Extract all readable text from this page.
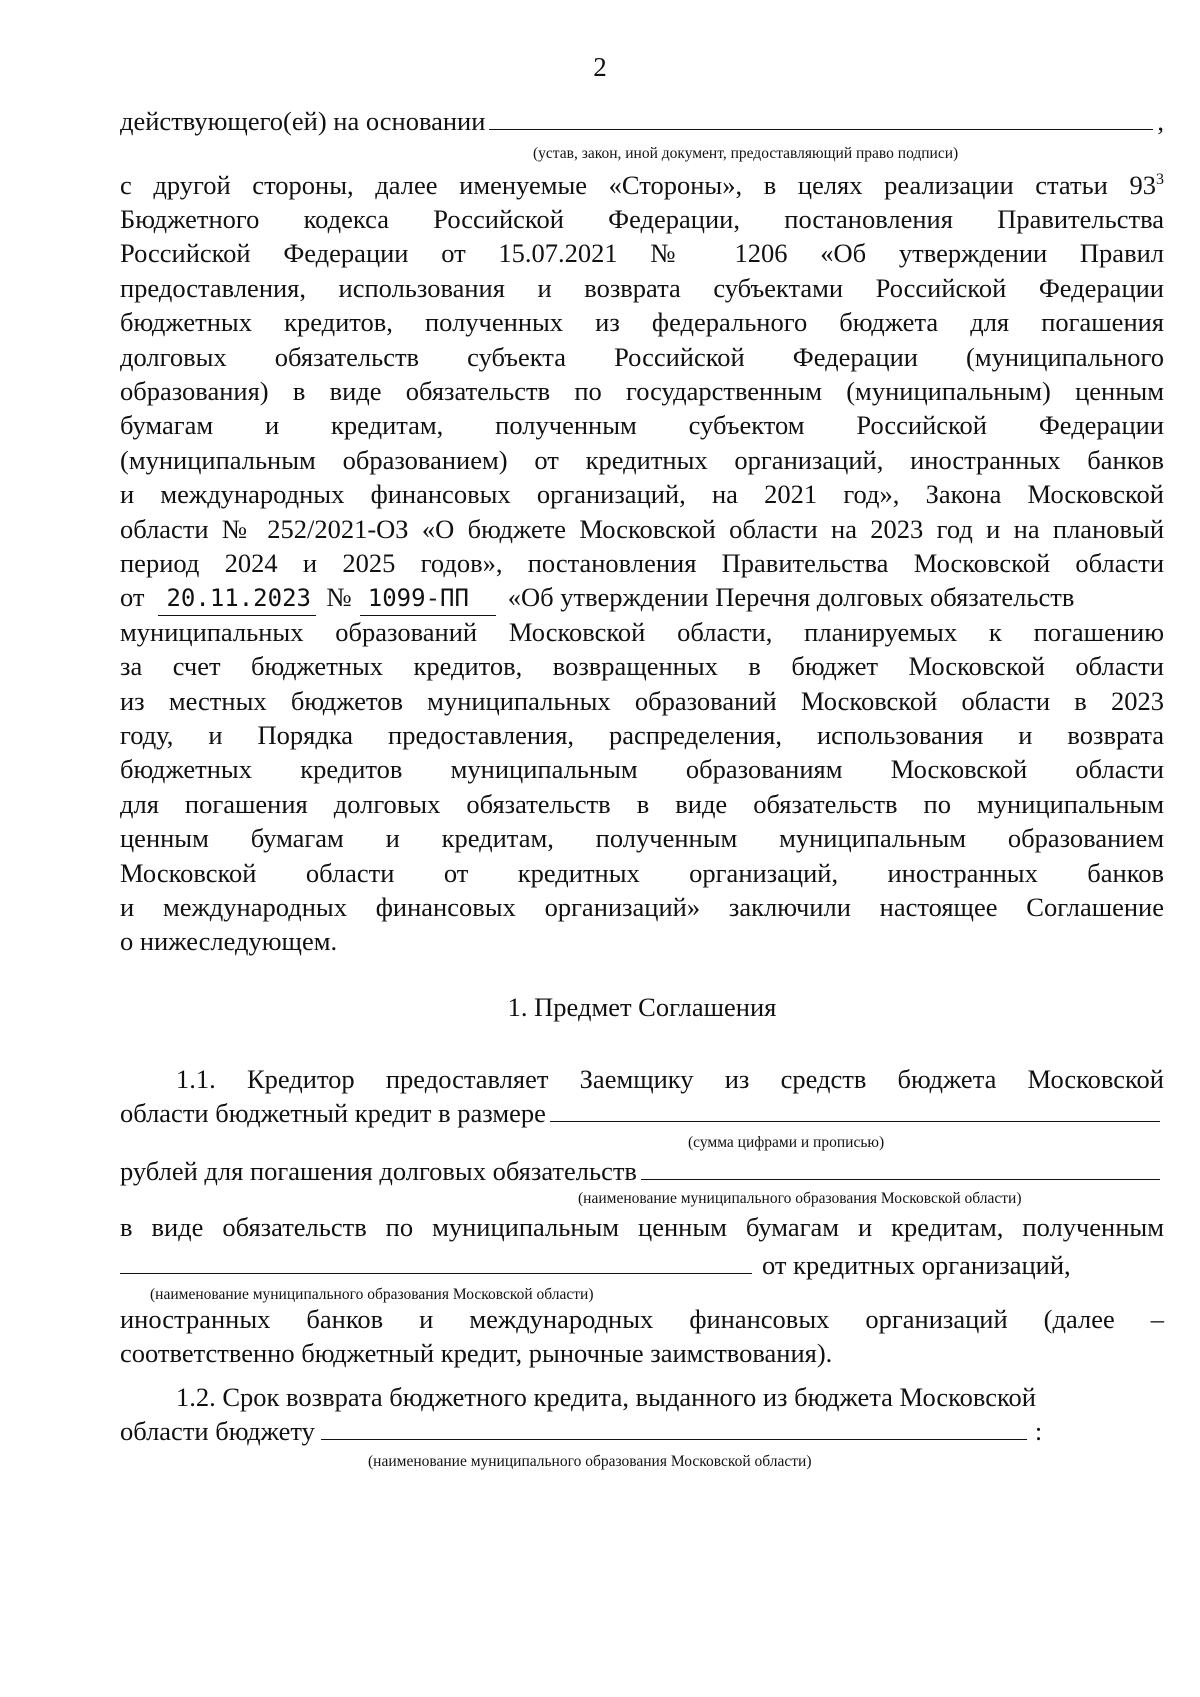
2
действующего(ей) на основании	,
(устав, закон, иной документ, предоставляющий право подписи)
с другой стороны, далее именуемые «Стороны», в целях реализации статьи $93^3$
Бюджетного кодекса Российской Федерации, постановления Правительства
Российской Федерации от 15.07.2021 № 1206 «Об утверждении Правил
предоставления, использования и возврата субъектами Российской Федерации
бюджетных кредитов, полученных из федерального бюджета для погашения
долговых обязательств субъекта Российской Федерации (муниципального
образования) в виде обязательств по государственным (муниципальным) ценным
бумагам и кредитам, полученным субъектом Российской Федерации
(муниципальным образованием) от кредитных организаций, иностранных банков
и международных финансовых организаций, на 2021 год», Закона Московской
области № 252/2021-ОЗ «О бюджете Московской области на 2023 год и на плановый
период 2024 и 2025 годов», постановления Правительства Московской области
от 20.11.2023 № 1099-ПП	«Об утверждении Перечня долговых обязательств
муниципальных образований Московской области, планируемых к погашению
за счет бюджетных кредитов, возвращенных в бюджет Московской области
из местных бюджетов муниципальных образований Московской области в 2023
году, и Порядка предоставления, распределения, использования и возврата
бюджетных кредитов муниципальным образованиям Московской области
для погашения долговых обязательств в виде обязательств по муниципальным
ценным бумагам и кредитам, полученным муниципальным образованием
Московской области от кредитных организаций, иностранных банков
и международных финансовых организаций» заключили настоящее Соглашение
о нижеследующем.
1. Предмет Соглашения
1.1. Кредитор предоставляет Заемщику из средств бюджета Московской
области бюджетный кредит в размере
(сумма цифрами и прописью)
рублей для погашения долговых обязательств
(наименование муниципального образования Московской области)
в виде обязательств по муниципальным ценным бумагам и кредитам, полученным
от кредитных организаций,
(наименование муниципального образования Московской области)
иностранных банков и международных финансовых организаций (далее –
соответственно бюджетный кредит, рыночные заимствования).
1.2. Срок возврата бюджетного кредита, выданного из бюджета Московской
области бюджету	:
(наименование муниципального образования Московской области)
